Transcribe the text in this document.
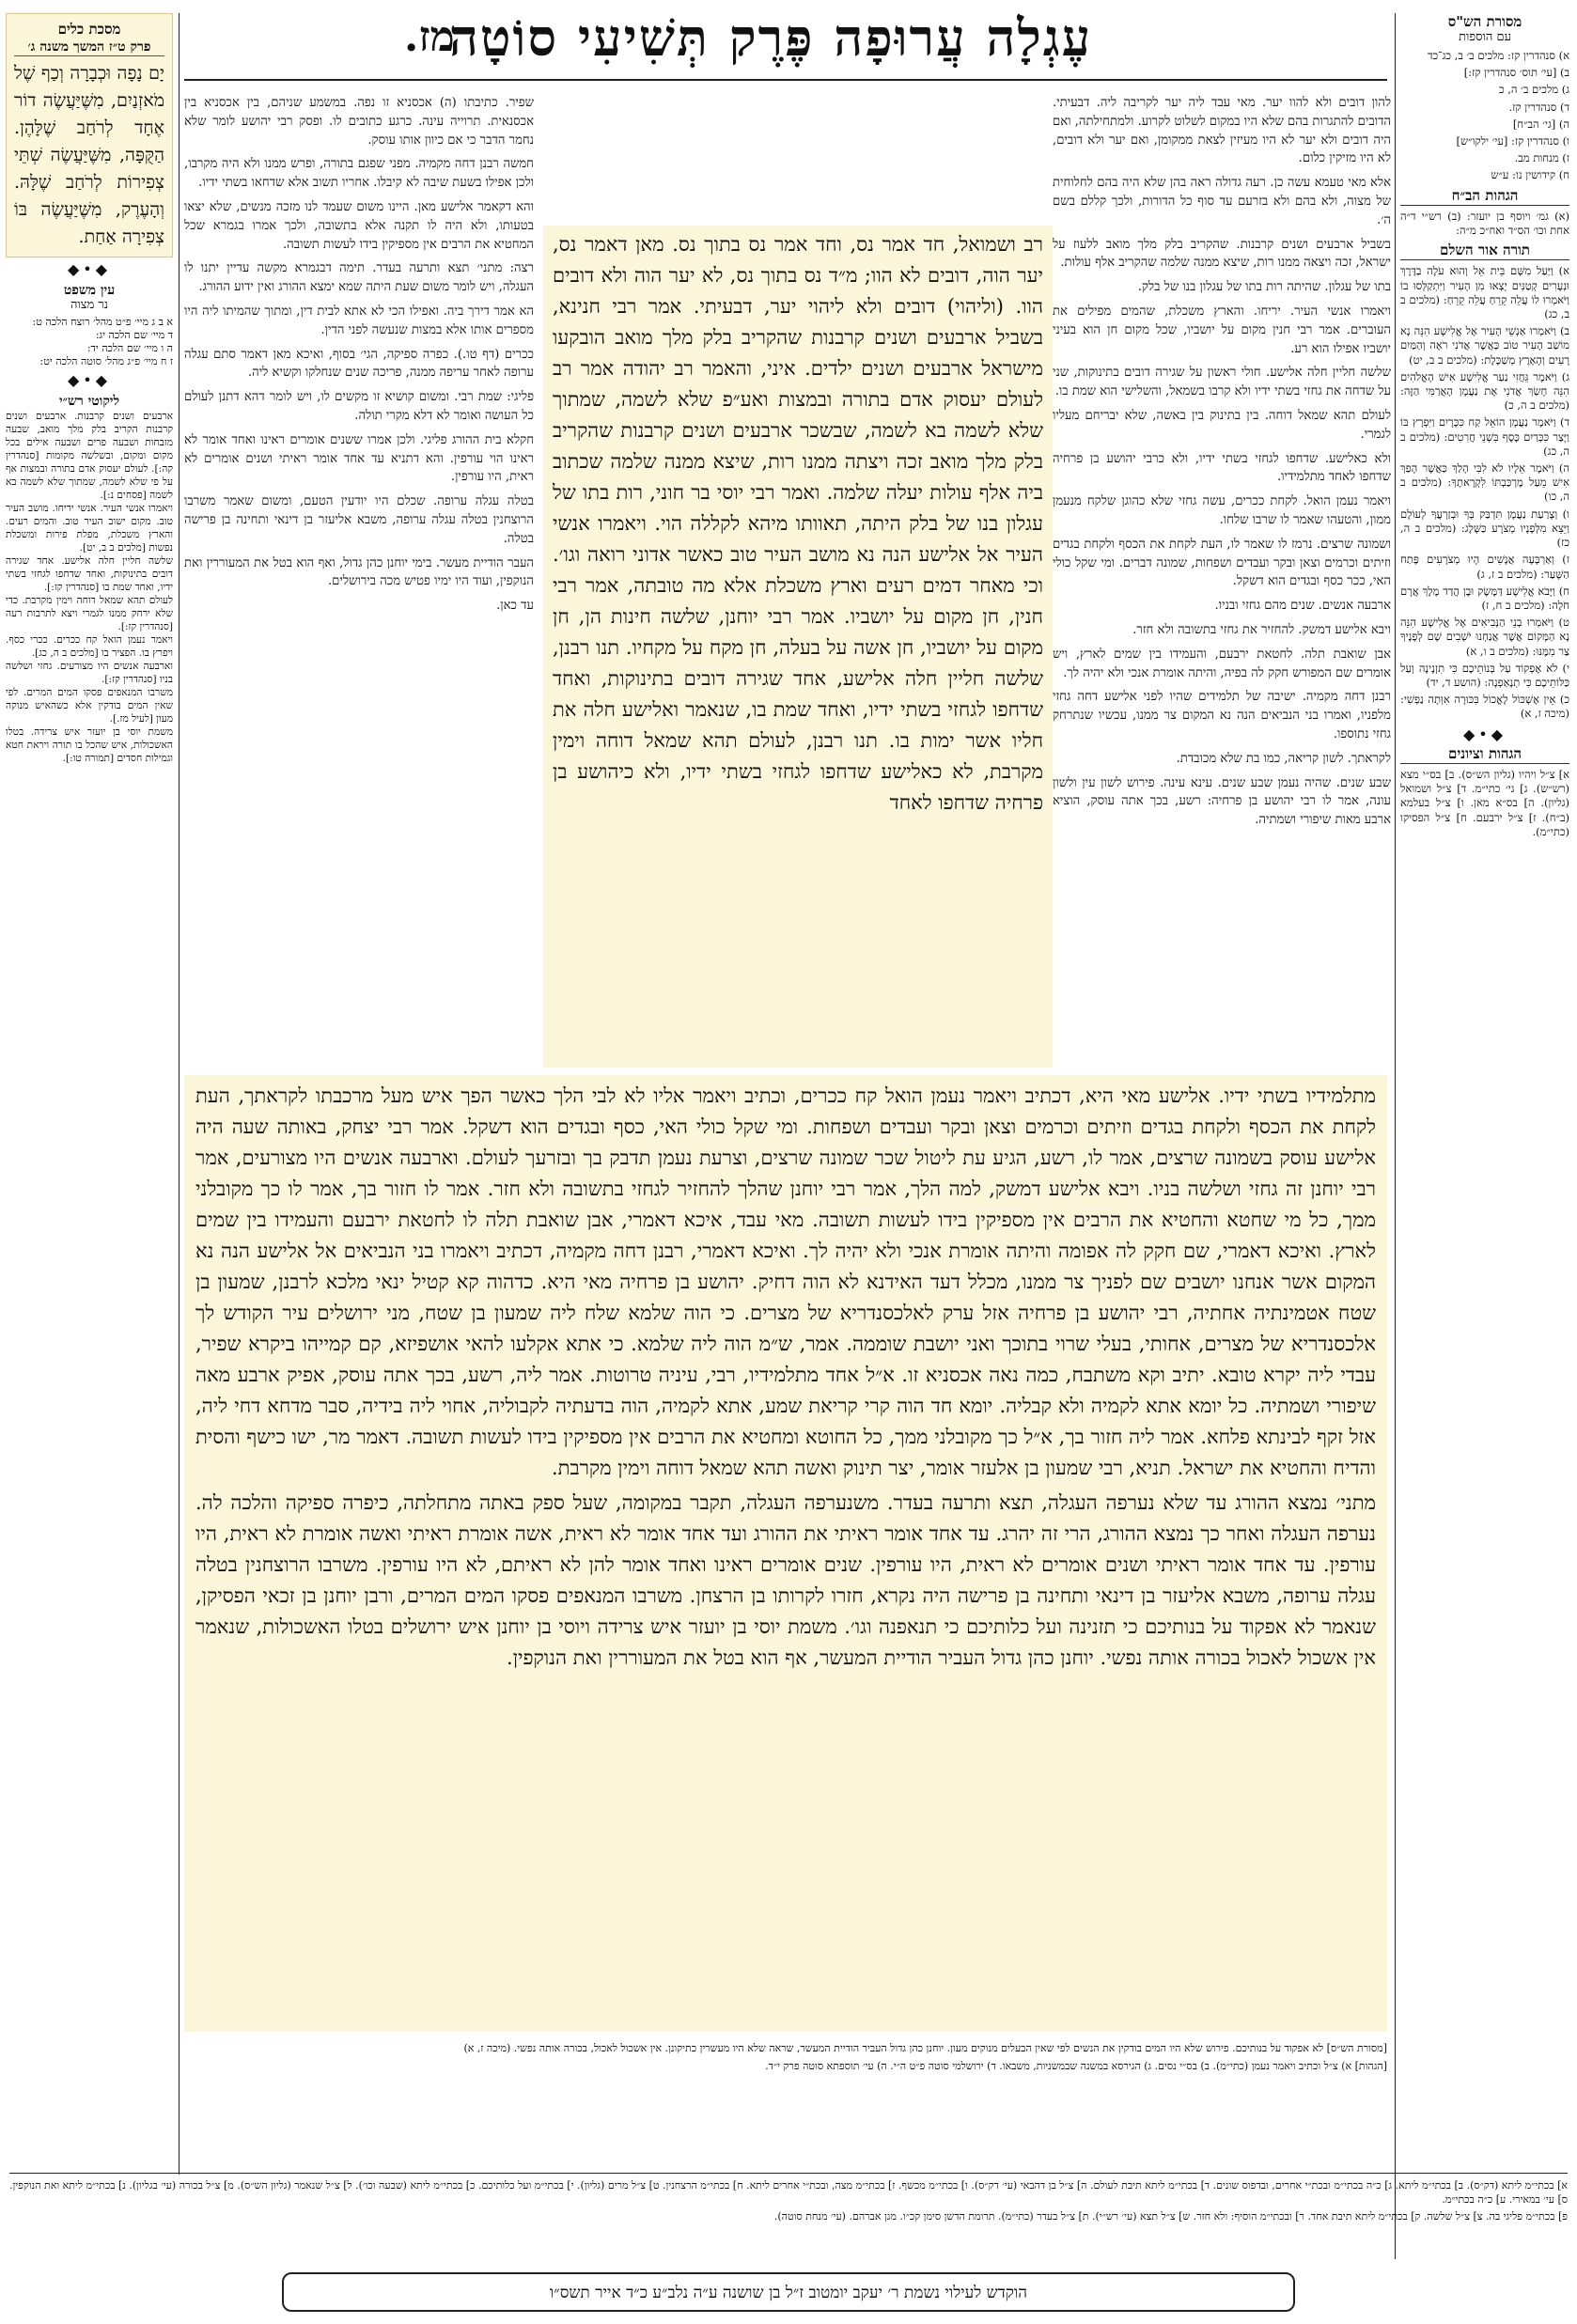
עֶגְלָה עֲרוּפָה פֶּרֶק תְּשִׁיעִי סוֹטָה
מז.	מסורת הש"ס
עם הוספות

א) סנהדרין קז: מלכים ב׳ ב, כג־כד

ב) [עי׳ תוס׳ סנהדרין קז:]

ג) מלכים ב׳ ה, כ

ד) סנהדרין קז.

ה) [גי׳ הב״ח]

ו) סנהדרין קז: [עי׳ ילקו״ש]

ז) מנחות מב.

ח) קידושין נו: ע״ש

הגהות הב״ח

(א) גמ׳ ויוסף בן יועזר: (ב) רש״י ד״ה אחת וכו׳ הס״ד ואח״כ מ״ה:

תורה אור השלם

א) וַיַּעַל מִשָּׁם בֵּית אֵל וְהוּא עֹלֶה בַדֶּרֶךְ וּנְעָרִים קְטַנִּים יָצְאוּ מִן הָעִיר וַיִּתְקַלְּסוּ בוֹ וַיֹּאמְרוּ לוֹ עֲלֵה קֵרֵחַ עֲלֵה קֵרֵחַ: (מלכים ב ב, כג)

ב) וַיֹּאמְרוּ אַנְשֵׁי הָעִיר אֶל אֱלִישָׁע הִנֵּה נָא מוֹשַׁב הָעִיר טוֹב כַּאֲשֶׁר אֲדֹנִי רֹאֶה וְהַמַּיִם רָעִים וְהָאָרֶץ מְשַׁכָּלֶת: (מלכים ב ב, יט)

ג) וַיֹּאמֶר גֵּחֲזִי נַעַר אֱלִישָׁע אִישׁ הָאֱלֹהִים הִנֵּה חָשַׂךְ אֲדֹנִי אֶת נַעֲמָן הָאֲרַמִּי הַזֶּה: (מלכים ב ה, כ)

ד) וַיֹּאמֶר נַעֲמָן הוֹאֵל קַח כִּכָּרָיִם וַיִּפְרָץ בּוֹ וַיָּצַר כִּכְּרַיִם כֶּסֶף בִּשְׁנֵי חֲרִטִים: (מלכים ב ה, כג)

ה) וַיֹּאמֶר אֵלָיו לֹא לִבִּי הָלַךְ כַּאֲשֶׁר הָפַךְ אִישׁ מֵעַל מֶרְכַּבְתּוֹ לִקְרָאתֶךָ: (מלכים ב ה, כו)

ו) וְצָרַעַת נַעֲמָן תִּדְבַּק בְּךָ וּבְזַרְעֲךָ לְעוֹלָם וַיֵּצֵא מִלְּפָנָיו מְצֹרָע כַּשָּׁלֶג: (מלכים ב ה, כז)

ז) וְאַרְבָּעָה אֲנָשִׁים הָיוּ מְצֹרָעִים פֶּתַח הַשָּׁעַר: (מלכים ב ז, ג)

ח) וַיָּבֹא אֱלִישָׁע דַּמֶּשֶׂק וּבֶן הֲדַד מֶלֶךְ אֲרָם חֹלֶה: (מלכים ב ח, ז)

ט) וַיֹּאמְרוּ בְנֵי הַנְּבִיאִים אֶל אֱלִישָׁע הִנֵּה נָא הַמָּקוֹם אֲשֶׁר אֲנַחְנוּ יֹשְׁבִים שָׁם לְפָנֶיךָ צַר מִמֶּנּוּ: (מלכים ב ו, א)

י) לֹא אֶפְקוֹד עַל בְּנוֹתֵיכֶם כִּי תִזְנֶינָה וְעַל כַּלּוֹתֵיכֶם כִּי תְנָאַפְנָה: (הושע ד, יד)

כ) אֵין אֶשְׁכּוֹל לֶאֱכוֹל בִּכּוּרָה אִוְּתָה נַפְשִׁי: (מיכה ז, א)

◆•◆
הגהות וציונים

א] צ״ל ויהיו (גליון הש״ס). ב] בס״י מצא (רש״ש). ג] גי׳ כתי״מ. ד] צ״ל ושמואל (גליון). ה] בס״א מאן. ו] צ״ל בעלמא (ב״ח). ז] צ״ל ירבעם. ח] צ״ל הפסיקו (כתי״מ).

מסכת כלים
פרק ט״ז המשך משנה ג׳
יָם נָפָה וּכְבָרָה וְכַף שֶׁל מֹאזְנַיִם, מִשֶּׁיַּעֲשֶׂה דוֹר אֶחָד לְרֹחַב שֶׁלָּהֶן. הַקֻּפָּה, מִשֶּׁיַּעֲשֶׂה שְׁתֵּי צְפִירוֹת לְרֹחַב שֶׁלָּהּ. וְהָעֶרֶק, מִשֶּׁיַּעֲשֶׂה בּוֹ צְפִירָה אַחַת.
◆•◆
עין משפט
נר מצוה

א ב ג מיי׳ פ״ט מהל׳ רוצח הלכה ט:

ד מיי׳ שם הלכה יג:

ה ו מיי׳ שם הלכה יד:

ז ח מיי׳ פ״ג מהל׳ סוטה הלכה יט:

◆•◆
ליקוטי רש״י

ארבעים ושנים קרבנות. ארבעים ושנים קרבנות הקריב בלק מלך מואב, שבעה מזבחות ושבעה פרים ושבעה אילים בכל מקום ומקום, ובשלשה מקומות [סנהדרין קה:]. לעולם יעסוק אדם בתורה ובמצות אף על פי שלא לשמה, שמתוך שלא לשמה בא לשמה [פסחים נ:].

ויאמרו אנשי העיר. אנשי יריחו. מושב העיר טוב. מקום ישוב העיר טוב. והמים רעים. והארץ משכלת, מפלת פירות ומשכלת נפשות [מלכים ב ב, יט].

שלשה חליין חלה אלישע. אחד שגירה דובים בתינוקות, ואחד שדחפו לגחזי בשתי ידיו, ואחד שמת בו [סנהדרין קז:].

לעולם תהא שמאל דוחה וימין מקרבת. כדי שלא ירחק ממנו לגמרי ויצא לתרבות רעה [סנהדרין קז:].

ויאמר נעמן הואל קח ככרים. ככרי כסף. ויפרץ בו. הפציר בו [מלכים ב ה, כג].

וארבעה אנשים היו מצורעים. גחזי ושלשה בניו [סנהדרין קז:].

משרבו המנאפים פסקו המים המרים. לפי שאין המים בודקין אלא כשהאיש מנוקה מעון [לעיל מז.].

משמת יוסי בן יועזר איש צרידה. בטלו האשכולות, איש שהכל בו תורה ויראת חטא וגמילות חסדים [תמורה טו:].

להון דובים ולא להוו יער. מאי עבד ליה יער לקריבה ליה. דבעיתי. הדובים להתגרות בהם שלא היו במקום לשלוט לקרוע. ולמתחילתה, ואם היה דובים ולא יער לא היו מעיזין לצאת ממקומן, ואם יער ולא דובים, לא היו מזיקין כלום.

אלא מאי טעמא עשה כן. רעה גדולה ראה בהן שלא היה בהם לחלוחית של מצוה, ולא בהם ולא בזרעם עד סוף כל הדורות, ולכך קללם בשם ה׳.

בשביל ארבעים ושנים קרבנות. שהקריב בלק מלך מואב ללעוז על ישראל, זכה ויצאה ממנו רות, שיצא ממנה שלמה שהקריב אלף עולות.

בתו של עגלון. שהיתה רות בתו של עגלון בנו של בלק.

ויאמרו אנשי העיר. יריחו. והארץ משכלת, שהמים מפילים את העוברים. אמר רבי חנין מקום על יושביו, שכל מקום חן הוא בעיני יושביו אפילו הוא רע.

שלשה חליין חלה אלישע. חולי ראשון על שגירה דובים בתינוקות, שני על שדחה את גחזי בשתי ידיו ולא קרבו בשמאל, והשלישי הוא שמת בו.

לעולם תהא שמאל דוחה. בין בתינוק בין באשה, שלא יבריחם מעליו לגמרי.

ולא כאלישע. שדחפו לגחזי בשתי ידיו, ולא כרבי יהושע בן פרחיה שדחפו לאחד מתלמידיו.

ויאמר נעמן הואל. לקחת ככרים, עשה גחזי שלא כהוגן שלקח מנעמן ממון, והטעהו שאמר לו שרבו שלחו.

ושמונה שרצים. נרמז לו שאמר לו, העת לקחת את הכסף ולקחת בגדים וזיתים וכרמים וצאן ובקר ועבדים ושפחות, שמונה דברים. ומי שקל כולי האי, ככר כסף ובגדים הוא דשקל.

ארבעה אנשים. שנים מהם גחזי ובניו.

ויבא אלישע דמשק. להחזיר את גחזי בתשובה ולא חזר.

אבן שואבת תלה. לחטאת ירבעם, והעמידו בין שמים לארץ, ויש אומרים שם המפורש חקק לה בפיה, והיתה אומרת אנכי ולא יהיה לך.

רבנן דחה מקמיה. ישיבה של תלמידים שהיו לפני אלישע דחה גחזי מלפניו, ואמרו בני הנביאים הנה נא המקום צר ממנו, עכשיו שנתרחק גחזי נתוספו.

לקראתך. לשון קריאה, כמו בת שלא מכובדת.

שבע שנים. שהיה נעמן שבע שנים. עינא עינה. פירוש לשון עין ולשון עונה, אמר לו רבי יהושע בן פרחיה: רשע, בכך אתה עוסק, הוציא ארבע מאות שיפורי ושמתיה.

שפיר. כתיבתו (ה) אכסניא זו נפה. במשמע שניהם, בין אכסניא בין אכסנאית. תרוייה עינה. כרגע כתובים לו. ופסק רבי יהושע לומר שלא נחמר הדבר כי אם כיוון אותו עוסק.

חמשה רבנן דחה מקמיה. מפני שפגם בתורה, ופרש ממנו ולא היה מקרבו, ולכן אפילו בשעת שיבה לא קיבלו. אחריו תשוב אלא שדחאו בשתי ידיו.

והא דקאמר אלישע מאן. היינו משום שעמד לנו מזכה מנשים, שלא יצאו בטעותו, ולא היה לו תקנה אלא בתשובה, ולכך אמרו בגמרא שכל המחטיא את הרבים אין מספיקין בידו לעשות תשובה.

רצה: מתני׳ תצא ותרעה בעדר. תימה דבגמרא מקשה עדיין יתנו לו העגלה, ויש לומר משום שעת היתה שמא ימצא ההורג ואין ידוע ההורג.

הא אמר דירך ביה. ואפילו הכי לא אתא לבית דין, ומתוך שהמיתו ליה היו מספרים אותו אלא במצות שנעשה לפני הדין.

ככרים (דף טו.). כפרה ספיקה, הגי׳ בסוף, ואיכא מאן דאמר סתם עגלה ערופה לאחר עריפה ממנה, פריכה שנים שנחלקו וקשיא ליה.

פליגי: שמת רבי. ומשום קושיא זו מקשים לו, ויש לומר דהא דתנן לעולם כל העושה ואומר לא דלא מקרי תולה.

חקלא בית ההורג פליגי. ולכן אמרו ששנים אומרים ראינו ואחד אומר לא ראינו הוי עורפין. והא דתניא עד אחד אומר ראיתי ושנים אומרים לא ראית, היו עורפין.

בטלה עגלה ערופה. שכלם היו יודעין הטעם, ומשום שאמר משרבו הרוצחנין בטלה עגלה ערופה, משבא אליעזר בן דינאי ותחינה בן פרישה בטלה.

העבר הודיית מעשר. בימי יוחנן כהן גדול, ואף הוא בטל את המעוררין ואת הנוקפין, ועוד היו ימיו פטיש מכה בירושלים.

עד כאן.

רב ושמואל, חד אמר נס, וחד אמר נס בתוך נס. מאן דאמר נס, יער הוה, דובים לא הוו; מ״ד נס בתוך נס, לא יער הוה ולא דובים הוו. (וליהוי) דובים ולא ליהוי יער, דבעיתי. אמר רבי חנינא, בשביל ארבעים ושנים קרבנות שהקריב בלק מלך מואב הובקעו מישראל ארבעים ושנים ילדים. איני, והאמר רב יהודה אמר רב לעולם יעסוק אדם בתורה ובמצות ואע״פ שלא לשמה, שמתוך שלא לשמה בא לשמה, שבשכר ארבעים ושנים קרבנות שהקריב בלק מלך מואב זכה ויצתה ממנו רות, שיצא ממנה שלמה שכתוב ביה אלף עולות יעלה שלמה. ואמר רבי יוסי בר חוני, רות בתו של עגלון בנו של בלק היתה, תאוותו מיהא לקללה הוי. ויאמרו אנשי העיר אל אלישע הנה נא מושב העיר טוב כאשר אדוני רואה וגו׳. וכי מאחר דמים רעים וארץ משכלת אלא מה טובתה, אמר רבי חנין, חן מקום על יושביו. אמר רבי יוחנן, שלשה חינות הן, חן מקום על יושביו, חן אשה על בעלה, חן מקח על מקחיו. תנו רבנן, שלשה חליין חלה אלישע, אחד שגירה דובים בתינוקות, ואחד שדחפו לגחזי בשתי ידיו, ואחד שמת בו, שנאמר ואלישע חלה את חליו אשר ימות בו. תנו רבנן, לעולם תהא שמאל דוחה וימין מקרבת, לא כאלישע שדחפו לגחזי בשתי ידיו, ולא כיהושע בן פרחיה שדחפו לאחד

מתלמידיו בשתי ידיו. אלישע מאי היא, דכתיב ויאמר נעמן הואל קח ככרים, וכתיב ויאמר אליו לא לבי הלך כאשר הפך איש מעל מרכבתו לקראתך, העת לקחת את הכסף ולקחת בגדים וזיתים וכרמים וצאן ובקר ועבדים ושפחות. ומי שקל כולי האי, כסף ובגדים הוא דשקל. אמר רבי יצחק, באותה שעה היה אלישע עוסק בשמונה שרצים, אמר לו, רשע, הגיע עת ליטול שכר שמונה שרצים, וצרעת נעמן תדבק בך ובזרעך לעולם. וארבעה אנשים היו מצורעים, אמר רבי יוחנן זה גחזי ושלשה בניו. ויבא אלישע דמשק, למה הלך, אמר רבי יוחנן שהלך להחזיר לגחזי בתשובה ולא חזר. אמר לו חזור בך, אמר לו כך מקובלני ממך, כל מי שחטא והחטיא את הרבים אין מספיקין בידו לעשות תשובה. מאי עבד, איכא דאמרי, אבן שואבת תלה לו לחטאת ירבעם והעמידו בין שמים לארץ. ואיכא דאמרי, שם חקק לה אפומה והיתה אומרת אנכי ולא יהיה לך. ואיכא דאמרי, רבנן דחה מקמיה, דכתיב ויאמרו בני הנביאים אל אלישע הנה נא המקום אשר אנחנו יושבים שם לפניך צר ממנו, מכלל דעד האידנא לא הוה דחיק. יהושע בן פרחיה מאי היא. כדהוה קא קטיל ינאי מלכא לרבנן, שמעון בן שטח אטמינתיה אחתיה, רבי יהושע בן פרחיה אזל ערק לאלכסנדריא של מצרים. כי הוה שלמא שלח ליה שמעון בן שטח, מני ירושלים עיר הקודש לך אלכסנדריא של מצרים, אחותי, בעלי שרוי בתוכך ואני יושבת שוממה. אמר, ש״מ הוה ליה שלמא. כי אתא אקלעו להאי אושפיזא, קם קמייהו ביקרא שפיר, עבדי ליה יקרא טובא. יתיב וקא משתבח, כמה נאה אכסניא זו. א״ל אחד מתלמידיו, רבי, עיניה טרוטות. אמר ליה, רשע, בכך אתה עוסק, אפיק ארבע מאה שיפורי ושמתיה. כל יומא אתא לקמיה ולא קבליה. יומא חד הוה קרי קריאת שמע, אתא לקמיה, הוה בדעתיה לקבוליה, אחוי ליה בידיה, סבר מדחא דחי ליה, אזל זקף לבינתא פלחא. אמר ליה חזור בך, א״ל כך מקובלני ממך, כל החוטא ומחטיא את הרבים אין מספיקין בידו לעשות תשובה. דאמר מר, ישו כישף והסית והדיח והחטיא את ישראל. תניא, רבי שמעון בן אלעזר אומר, יצר תינוק ואשה תהא שמאל דוחה וימין מקרבת.

מתני׳ נמצא ההורג עד שלא נערפה העגלה, תצא ותרעה בעדר. משנערפה העגלה, תקבר במקומה, שעל ספק באתה מתחלתה, כיפרה ספיקה והלכה לה. נערפה העגלה ואחר כך נמצא ההורג, הרי זה יהרג. עד אחד אומר ראיתי את ההורג ועד אחד אומר לא ראית, אשה אומרת ראיתי ואשה אומרת לא ראית, היו עורפין. עד אחד אומר ראיתי ושנים אומרים לא ראית, היו עורפין. שנים אומרים ראינו ואחד אומר להן לא ראיתם, לא היו עורפין. משרבו הרוצחנין בטלה עגלה ערופה, משבא אליעזר בן דינאי ותחינה בן פרישה היה נקרא, חזרו לקרותו בן הרצחן. משרבו המנאפים פסקו המים המרים, ורבן יוחנן בן זכאי הפסיקן, שנאמר לא אפקוד על בנותיכם כי תזנינה ועל כלותיכם כי תנאפנה וגו׳. משמת יוסי בן יועזר איש צרידה ויוסי בן יוחנן איש ירושלים בטלו האשכולות, שנאמר אין אשכול לאכול בכורה אותה נפשי. יוחנן כהן גדול העביר הודיית המעשר, אף הוא בטל את המעוררין ואת הנוקפין.

[מסורת הש״ס] לא אפקוד על בנותיכם. פירוש שלא היו המים בודקין את הנשים לפי שאין הבעלים מנוקים מעון. יוחנן כהן גדול העביר הודיית המעשר, שראה שלא היו מעשרין כתיקונן. אין אשכול לאכול, בכורה אותה נפשי. (מיכה ז, א)

[הגהות] א) צ״ל וכתיב ויאמר נעמן (כתי״מ). ב) בס״י נסים. ג) הגירסא במשנה שבמשניות, משבאו. ד) ירושלמי סוטה פ״ט ה״י. ה) עי׳ תוספתא סוטה פרק י״ד.

א] בכתי״מ ליתא (דק״ס). ב] בכתי״מ ליתא. ג] כ״ה בכתי״מ ובכת״י אחרים, ובדפוס שונים. ד] בכתי״מ ליתא תיבת לעולם. ה] צ״ל בן דהבאי (עי׳ דק״ס). ו] בכתי״מ מכשף. ז] בכתי״מ מצה, ובכת״י אחרים ליתא. ח] בכתי״מ הרצחנין. ט] צ״ל מרים (גליון). י] בכתי״מ ועל כלותיכם. כ] בכתי״מ ליתא (שבעה וכו׳). ל] צ״ל שנאמר (גליון הש״ס). מ] צ״ל בכורה (עי׳ בגליון). נ] בכתי״מ ליתא ואת הנוקפין. ס] עי׳ במאירי. ע] כ״ה בכתי״מ.

פ] בכתי״מ פליגי בה. צ] צ״ל שלשה. ק] בכתי״מ ליתא תיבת אחד. ר] ובכתי״מ הוסיף: ולא חזר. ש] צ״ל תצא (עי׳ רש״י). ת] צ״ל בעדר (כתי״מ). תרומת הדשן סימן קכ״ו. מגן אברהם. (עי׳ מנחת סוטה).

הוקדש לעילוי נשמת ר׳ יעקב יומטוב ז״ל בן שושנה ע״ה נלב״ע כ״ד אייר תשס״ו
